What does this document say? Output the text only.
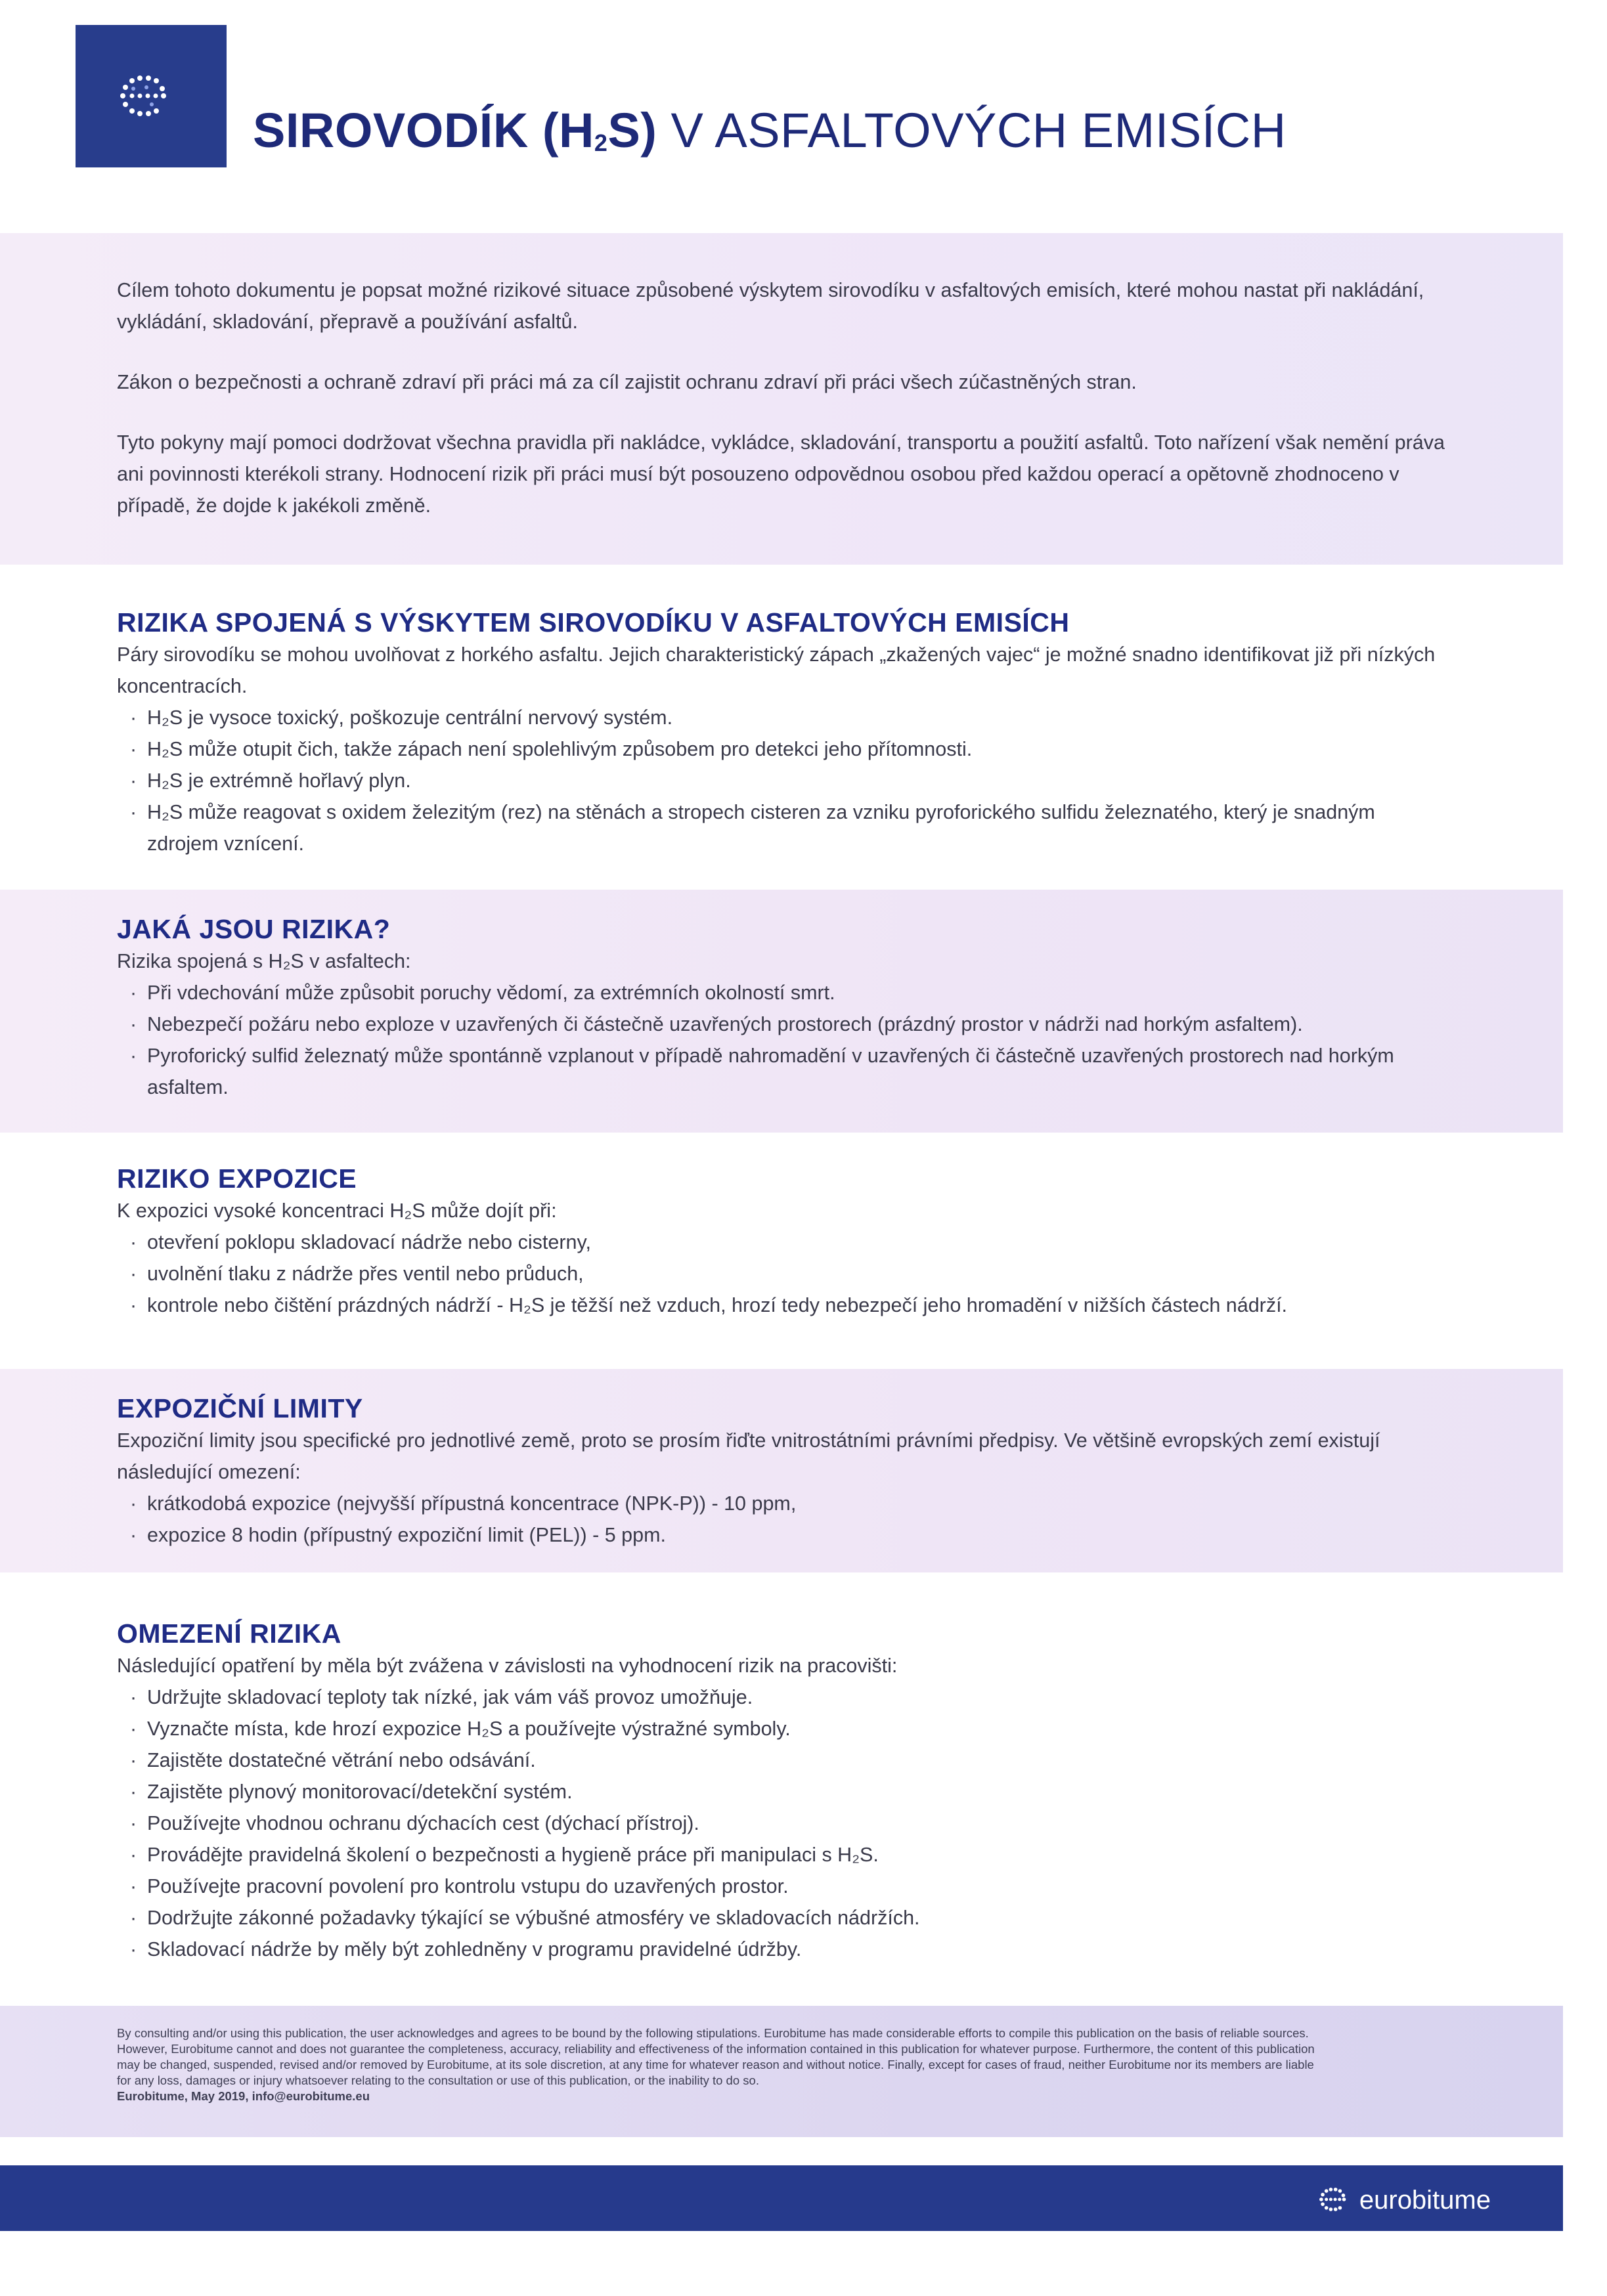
SIROVODÍK $(H_2S)$ V ASFALTOVÝCH EMISÍCH

Cílem tohoto dokumentu je popsat možné rizikové situace způsobené výskytem sirovodíku v asfaltových emisích, které mohou nastat při nakládání, vykládání, skladování, přepravě a používání asfaltů.

Zákon o bezpečnosti a ochraně zdraví při práci má za cíl zajistit ochranu zdraví při práci všech zúčastněných stran.

Tyto pokyny mají pomoci dodržovat všechna pravidla při nakládce, vykládce, skladování, transportu a použití asfaltů. Toto nařízení však nemění práva ani povinnosti kterékoli strany. Hodnocení rizik při práci musí být posouzeno odpovědnou osobou před každou operací a opětovně zhodnoceno v případě, že dojde k jakékoli změně.

RIZIKA SPOJENÁ S VÝSKYTEM SIROVODÍKU V ASFALTOVÝCH EMISÍCH

Páry sirovodíku se mohou uvolňovat z horkého asfaltu. Jejich charakteristický zápach „zkažených vajec“ je možné snadno identifikovat již při nízkých koncentracích.

· H₂S je vysoce toxický, poškozuje centrální nervový systém.
· H₂S může otupit čich, takže zápach není spolehlivým způsobem pro detekci jeho přítomnosti.
· H₂S je extrémně hořlavý plyn.
· H₂S může reagovat s oxidem železitým (rez) na stěnách a stropech cisteren za vzniku pyroforického sulfidu železnatého, který je snadným zdrojem vznícení.
JAKÁ JSOU RIZIKA?

Rizika spojená s H₂S v asfaltech:

· Při vdechování může způsobit poruchy vědomí, za extrémních okolností smrt.
· Nebezpečí požáru nebo exploze v uzavřených či částečně uzavřených prostorech (prázdný prostor v nádrži nad horkým asfaltem).
· Pyroforický sulfid železnatý může spontánně vzplanout v případě nahromadění v uzavřených či částečně uzavřených prostorech nad horkým asfaltem.
RIZIKO EXPOZICE

K expozici vysoké koncentraci H₂S může dojít při:

· otevření poklopu skladovací nádrže nebo cisterny,
· uvolnění tlaku z nádrže přes ventil nebo průduch,
· kontrole nebo čištění prázdných nádrží - H₂S je těžší než vzduch, hrozí tedy nebezpečí jeho hromadění v nižších částech nádrží.
EXPOZIČNÍ LIMITY

Expoziční limity jsou specifické pro jednotlivé země, proto se prosím řiďte vnitrostátními právními předpisy. Ve většině evropských zemí existují následující omezení:

· krátkodobá expozice (nejvyšší přípustná koncentrace (NPK-P)) - 10 ppm,
· expozice 8 hodin (přípustný expoziční limit (PEL)) - 5 ppm.
OMEZENÍ RIZIKA

Následující opatření by měla být zvážena v závislosti na vyhodnocení rizik na pracovišti:

· Udržujte skladovací teploty tak nízké, jak vám váš provoz umožňuje.
· Vyznačte místa, kde hrozí expozice H₂S a používejte výstražné symboly.
· Zajistěte dostatečné větrání nebo odsávání.
· Zajistěte plynový monitorovací/detekční systém.
· Používejte vhodnou ochranu dýchacích cest (dýchací přístroj).
· Provádějte pravidelná školení o bezpečnosti a hygieně práce při manipulaci s H₂S.
· Používejte pracovní povolení pro kontrolu vstupu do uzavřených prostor.
· Dodržujte zákonné požadavky týkající se výbušné atmosféry ve skladovacích nádržích.
· Skladovací nádrže by měly být zohledněny v programu pravidelné údržby.

By consulting and/or using this publication, the user acknowledges and agrees to be bound by the following stipulations. Eurobitume has made considerable efforts to compile this publication on the basis of reliable sources.

However, Eurobitume cannot and does not guarantee the completeness, accuracy, reliability and effectiveness of the information contained in this publication for whatever purpose. Furthermore, the content of this publication

may be changed, suspended, revised and/or removed by Eurobitume, at its sole discretion, at any time for whatever reason and without notice. Finally, except for cases of fraud, neither Eurobitume nor its members are liable

for any loss, damages or injury whatsoever relating to the consultation or use of this publication, or the inability to do so.

Eurobitume, May 2019, info@eurobitume.eu

eurobitume
